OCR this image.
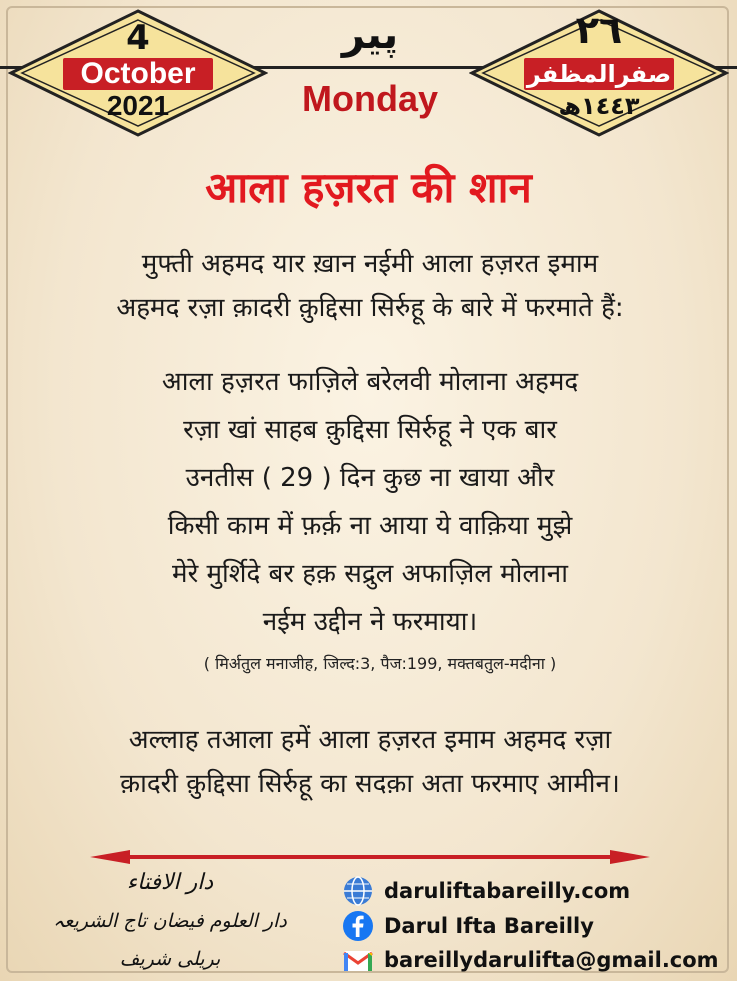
4
October
2021
پیر
Monday
٢٦
صفرالمظفر
١٤٤٣ھ
आला हज़रत की शान
मुफ्ती अहमद यार ख़ान नईमी आला हज़रत इमाम
अहमद रज़ा क़ादरी क़ुद्दिसा सिर्रुहू के बारे में फरमाते हैं:
आला हज़रत फाज़िले बरेलवी मोलाना अहमद
रज़ा खां साहब क़ुद्दिसा सिर्रुहू ने एक बार
उनतीस ( 29 ) दिन कुछ ना खाया और
किसी काम में फ़र्क़ ना आया ये वाक़िया मुझे
मेरे मुर्शिदे बर हक़ सद्रुल अफाज़िल मोलाना
नईम उद्दीन ने फरमाया।
( मिर्अतुल मनाजीह, जिल्द:3, पैज:199, मक्तबतुल-मदीना )
अल्लाह तआला हमें आला हज़रत इमाम अहमद रज़ा
क़ादरी क़ुद्दिसा सिर्रुहू का सदक़ा अता फरमाए आमीन।
دار الافتاء
دار العلوم فیضان تاج الشریعہ
بریلی شریف
darulift​abareilly.com
Darul Ifta Bareilly
bareillydarulifta@gmail.com
